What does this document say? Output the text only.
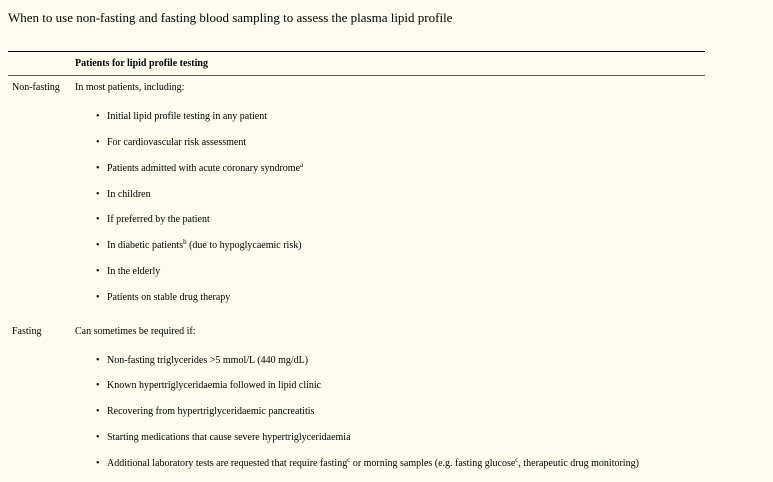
When to use non-fasting and fasting blood sampling to assess the plasma lipid profile
Patients for lipid profile testing
Non-fasting In most patients, including:
• Initial lipid profile testing in any patient
• For cardiovascular risk assessment
• Patients admitted with acute coronary syndrome$^a$
• In children
• If preferred by the patient
• In diabetic patients$^b$ (due to hypoglycaemic risk)
• In the elderly
• Patients on stable drug therapy
Fasting	Can sometimes be required if:
• Non-fasting triglycerides >5 mmol/L (440 mg/dL)
• Known hypertriglyceridaemia followed in lipid clinic
• Recovering from hypertriglyceridaemic pancreatitis
• Starting medications that cause severe hypertriglyceridaemia
• Additional laboratory tests are requested that require fasting$^c$ or morning samples (e.g. fasting glucose$^c$, therapeutic drug monitoring)
